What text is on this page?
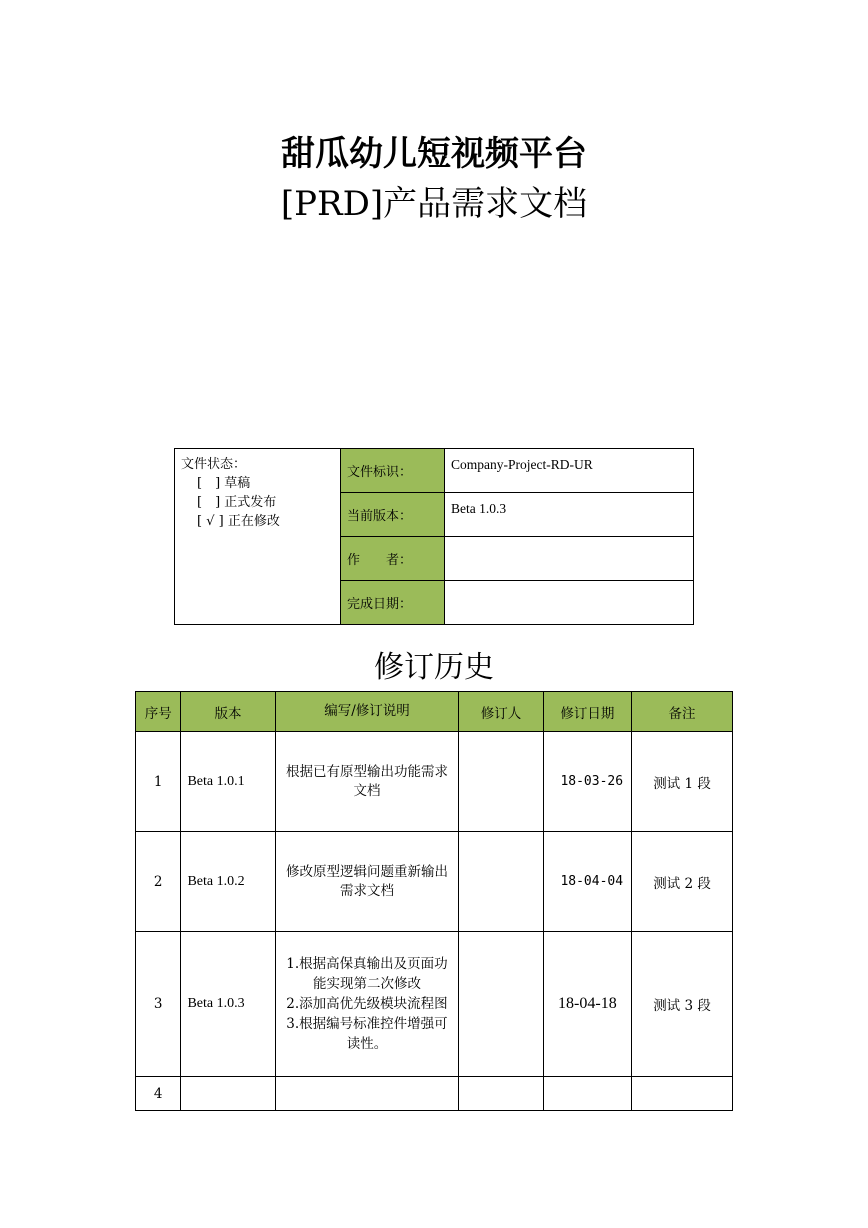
甜瓜幼儿短视频平台
[PRD]产品需求文档
文件状态：
[　] 草稿
[　] 正式发布
[ √ ] 正在修改	文件标识：	Company-Project-RD-UR
	当前版本：	Beta 1.0.3
	作　　者：	
	完成日期：	
修订历史
序号	版本	编写/修订说明	修订人	修订日期	备注
1	Beta 1.0.1	根据已有原型输出功能需求文档		18-03-26	测试 1 段
2	Beta 1.0.2	修改原型逻辑问题重新输出需求文档		18-04-04	测试 2 段
3	Beta 1.0.3	1.根据高保真输出及页面功能实现第二次修改
2.添加高优先级模块流程图
3.根据编号标准控件增强可读性。		18-04-18	测试 3 段
4					
